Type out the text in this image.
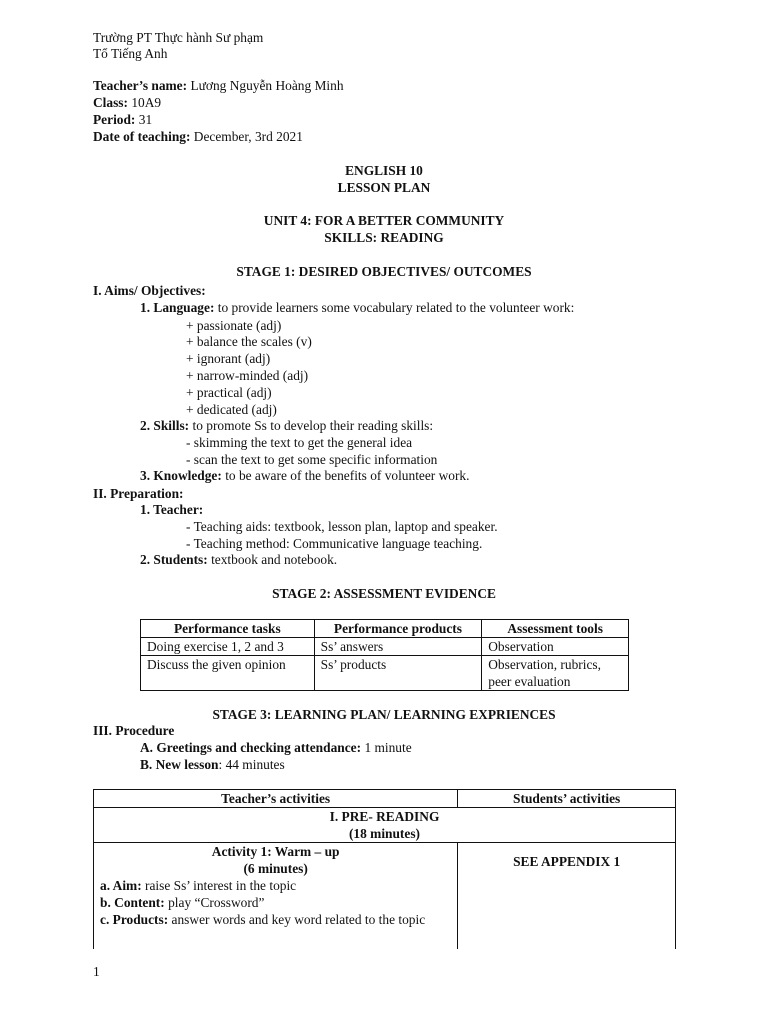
Trường PT Thực hành Sư phạm
Tổ Tiếng Anh
Teacher’s name: Lương Nguyễn Hoàng Minh
Class: 10A9
Period: 31
Date of teaching: December, 3rd 2021
ENGLISH 10
LESSON PLAN
UNIT 4: FOR A BETTER COMMUNITY
SKILLS: READING
STAGE 1: DESIRED OBJECTIVES/ OUTCOMES
I. Aims/ Objectives:
1. Language: to provide learners some vocabulary related to the volunteer work:
+ passionate (adj)
+ balance the scales (v)
+ ignorant (adj)
+ narrow-minded (adj)
+ practical (adj)
+ dedicated (adj)
2. Skills: to promote Ss to develop their reading skills:
- skimming the text to get the general idea
- scan the text to get some specific information
3. Knowledge: to be aware of the benefits of volunteer work.
II. Preparation:
1. Teacher:
- Teaching aids: textbook, lesson plan, laptop and speaker.
- Teaching method: Communicative language teaching.
2. Students: textbook and notebook.
STAGE 2: ASSESSMENT EVIDENCE
Performance tasks	Performance products	Assessment tools
Doing exercise 1, 2 and 3	Ss’ answers	Observation
Discuss the given opinion	Ss’ products	Observation, rubrics, peer evaluation
STAGE 3: LEARNING PLAN/ LEARNING EXPRIENCES
III. Procedure
A. Greetings and checking attendance: 1 minute
B. New lesson: 44 minutes
Teacher’s activities	Students’ activities

I. PRE- READING
(18 minutes)	

Activity 1: Warm – up
(6 minutes)
a. Aim: raise Ss’ interest in the topic
b. Content: play “Crossword”
c. Products: answer words and key word related to the topic	SEE APPENDIX 1
1
